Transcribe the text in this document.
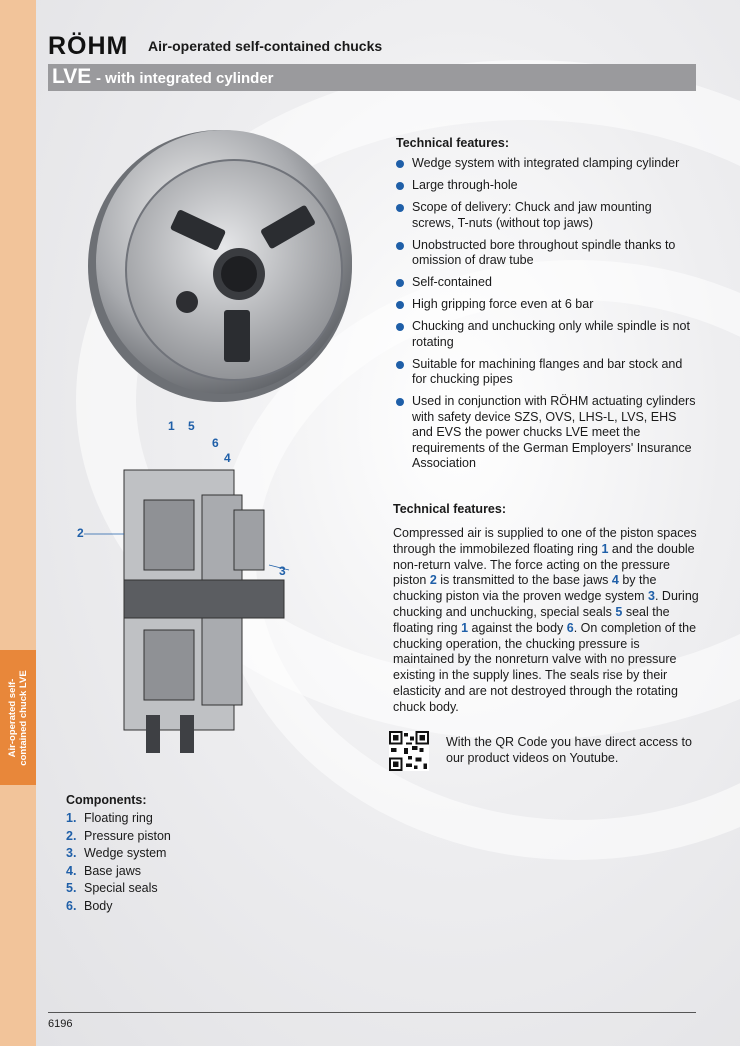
Air-operated self- contained chuck LVE
RÖHM Air-operated self-contained chucks
LVE - with integrated cylinder
1 5
6
4
2
3
Technical features:
Wedge system with integrated clamping cylinder
Large through-hole
Scope of delivery: Chuck and jaw mounting screws, T-nuts (without top jaws)
Unobstructed bore throughout spindle thanks to omission of draw tube
Self-contained
High gripping force even at 6 bar
Chucking and unchucking only while spindle is not rotating
Suitable for machining flanges and bar stock and for chucking pipes
Used in conjunction with RÖHM actuating cylinders with safety device SZS, OVS, LHS-L, LVS, EHS and EVS the power chucks LVE meet the requirements of the German Employers' Insurance Association
Technical features:
Compressed air is supplied to one of the piston spaces through the immobilezed floating ring 1 and the double non-return valve. The force acting on the pressure piston 2 is transmitted to the base jaws 4 by the chucking piston via the proven wedge system 3. During chucking and unchucking, special seals 5 seal the floating ring 1 against the body 6. On completion of the chucking operation, the chucking pressure is maintained by the nonreturn valve with no pressure existing in the supply lines. The seals rise by their elasticity and are not destroyed through the rotating chuck body.
With the QR Code you have direct access to our product videos on Youtube.
Components:
1. Floating ring
2. Pressure piston
3. Wedge system
4. Base jaws
5. Special seals
6. Body
6196
